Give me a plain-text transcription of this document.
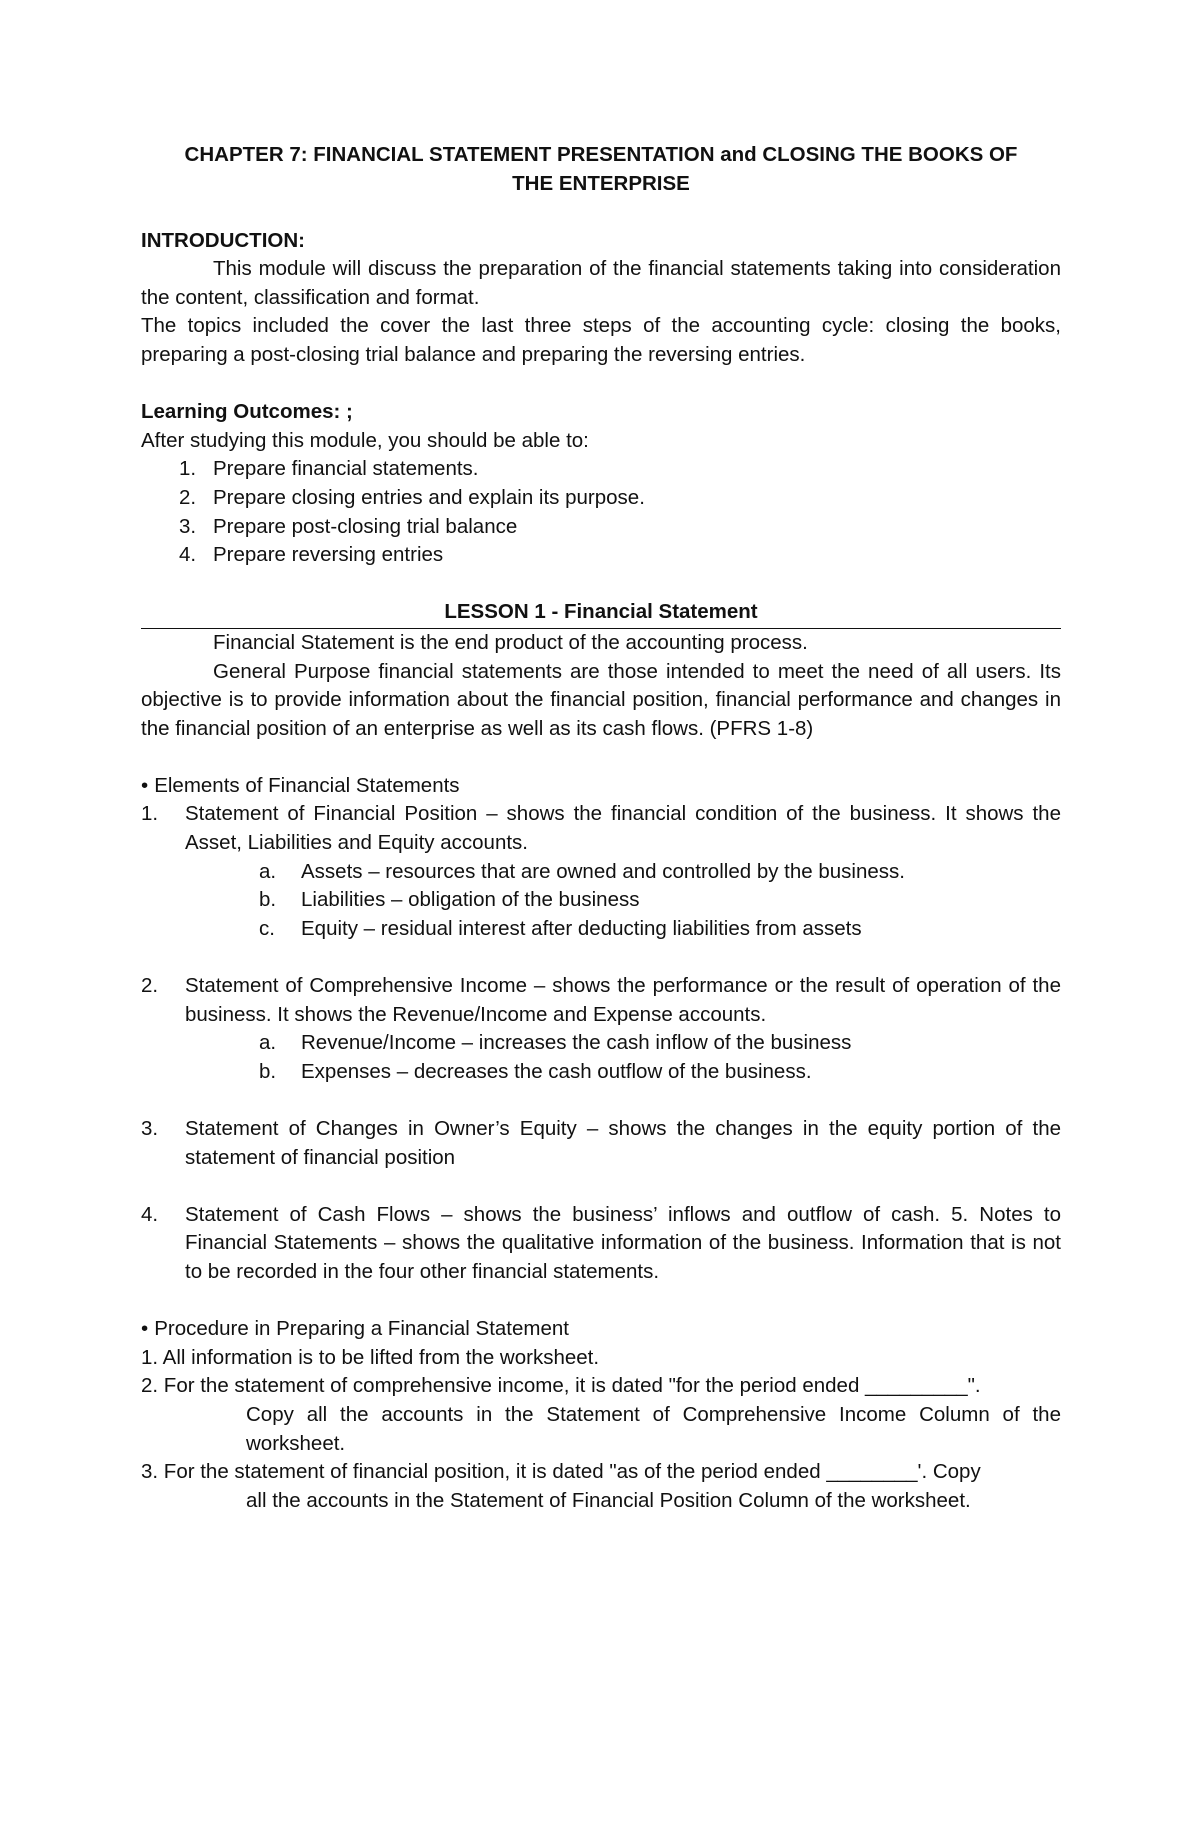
CHAPTER 7: FINANCIAL STATEMENT PRESENTATION and CLOSING THE BOOKS OF
THE ENTERPRISE
INTRODUCTION:
This module will discuss the preparation of the financial statements taking into consideration the content, classification and format.
The topics included the cover the last three steps of the accounting cycle: closing the books, preparing a post-closing trial balance and preparing the reversing entries.
Learning Outcomes: ;
After studying this module, you should be able to:
1. Prepare financial statements.
2. Prepare closing entries and explain its purpose.
3. Prepare post-closing trial balance
4. Prepare reversing entries
LESSON 1 - Financial Statement
Financial Statement is the end product of the accounting process.
General Purpose financial statements are those intended to meet the need of all users. Its objective is to provide information about the financial position, financial performance and changes in the financial position of an enterprise as well as its cash flows. (PFRS 1-8)
• Elements of Financial Statements
1. Statement of Financial Position – shows the financial condition of the business. It shows the Asset, Liabilities and Equity accounts.
a. Assets – resources that are owned and controlled by the business.
b. Liabilities – obligation of the business
c. Equity – residual interest after deducting liabilities from assets
2. Statement of Comprehensive Income – shows the performance or the result of operation of the business. It shows the Revenue/Income and Expense accounts.
a. Revenue/Income – increases the cash inflow of the business
b. Expenses – decreases the cash outflow of the business.
3. Statement of Changes in Owner’s Equity – shows the changes in the equity portion of the statement of financial position
4. Statement of Cash Flows – shows the business’ inflows and outflow of cash. 5. Notes to Financial Statements – shows the qualitative information of the business. Information that is not to be recorded in the four other financial statements.
• Procedure in Preparing a Financial Statement
1. All information is to be lifted from the worksheet.
2. For the statement of comprehensive income, it is dated "for the period ended _________".
Copy all the accounts in the Statement of Comprehensive Income Column of the worksheet.
3. For the statement of financial position, it is dated "as of the period ended ________'. Copy
all the accounts in the Statement of Financial Position Column of the worksheet.
